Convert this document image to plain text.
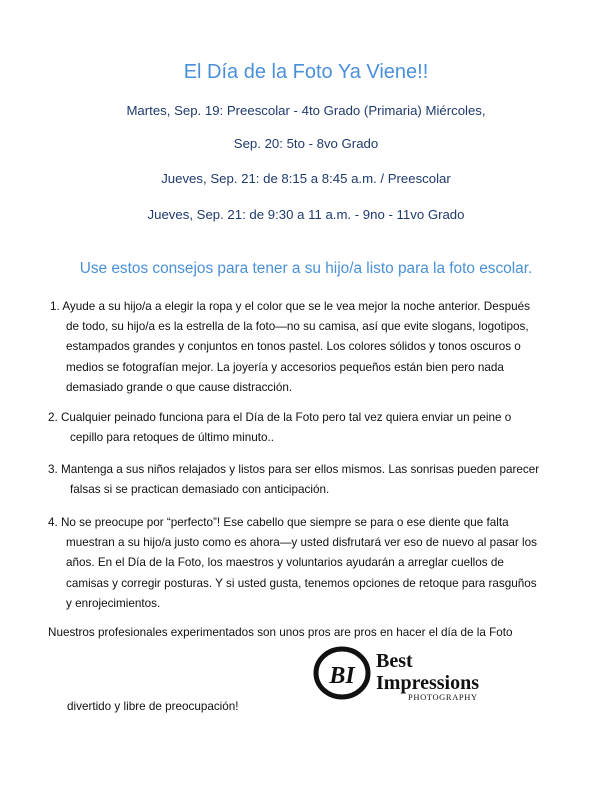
El Día de la Foto Ya Viene!!
Martes, Sep. 19: Preescolar - 4to Grado (Primaria) Miércoles,
Sep. 20: 5to - 8vo Grado
Jueves, Sep. 21: de 8:15 a 8:45 a.m. / Preescolar
Jueves, Sep. 21: de 9:30 a 11 a.m. - 9no - 11vo Grado
Use estos consejos para tener a su hijo/a listo para la foto escolar.
1. Ayude a su hijo/a a elegir la ropa y el color que se le vea mejor la noche anterior. Después
de todo, su hijo/a es la estrella de la foto—no su camisa, así que evite slogans, logotipos,
estampados grandes y conjuntos en tonos pastel. Los colores sólidos y tonos oscuros o
medios se fotografían mejor. La joyería y accesorios pequeños están bien pero nada
demasiado grande o que cause distracción.
2. Cualquier peinado funciona para el Día de la Foto pero tal vez quiera enviar un peine o
cepillo para retoques de último minuto..
3. Mantenga a sus niños relajados y listos para ser ellos mismos. Las sonrisas pueden parecer
falsas si se practican demasiado con anticipación.
4. No se preocupe por “perfecto”! Ese cabello que siempre se para o ese diente que falta
muestran a su hijo/a justo como es ahora—y usted disfrutará ver eso de nuevo al pasar los
años. En el Día de la Foto, los maestros y voluntarios ayudarán a arreglar cuellos de
camisas y corregir posturas. Y si usted gusta, tenemos opciones de retoque para rasguños
y enrojecimientos.
Nuestros profesionales experimentados son unos pros are pros en hacer el día de la Foto
divertido y libre de preocupación!
BI
Best
Impressions
PHOTOGRAPHY
